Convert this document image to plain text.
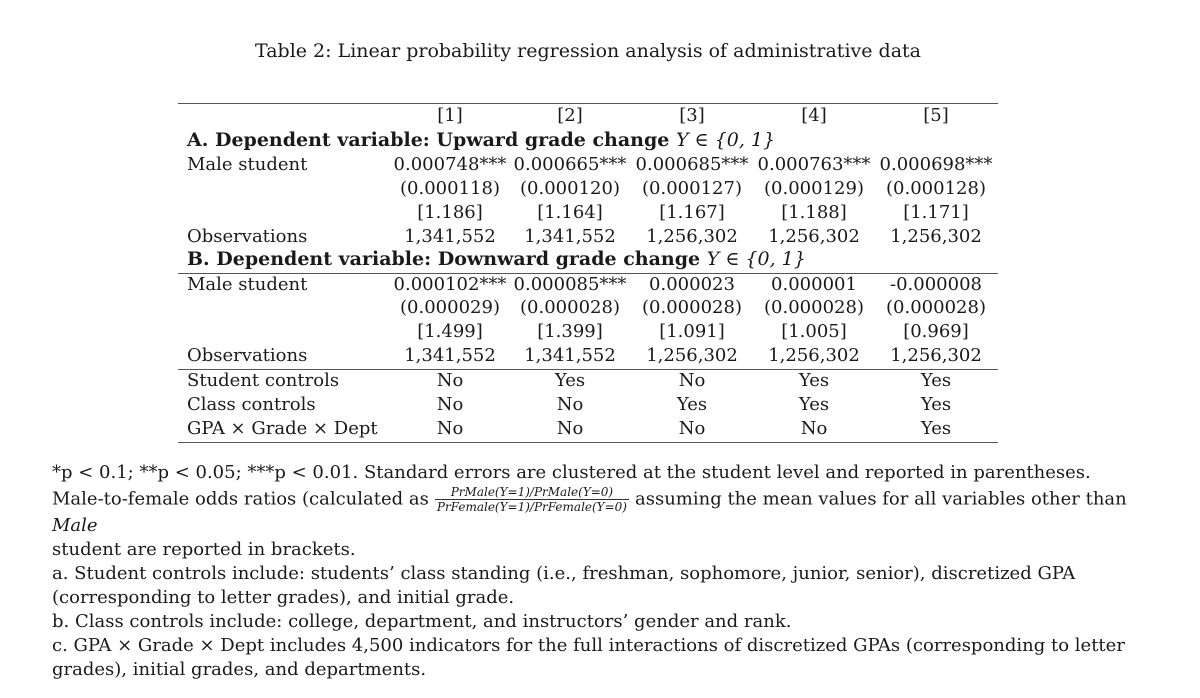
Table 2: Linear probability regression analysis of administrative data
[1]	[2]	[3]	[4]	[5]
A. Dependent variable: Upward grade change Y ∈ {0, 1}
Male student	0.000748*** 0.000665*** 0.000685*** 0.000763*** 0.000698***
(0.000118)	(0.000120)	(0.000127)	(0.000129)	(0.000128)
[1.186]	[1.164]	[1.167]	[1.188]	[1.171]
Observations	1,341,552	1,341,552	1,256,302	1,256,302	1,256,302
B. Dependent variable: Downward grade change Y ∈ {0, 1}
Male student	0.000102*** 0.000085***	0.000023	0.000001	-0.000008
(0.000029)	(0.000028)	(0.000028)	(0.000028)	(0.000028)
[1.499]	[1.399]	[1.091]	[1.005]	[0.969]
Observations	1,341,552	1,341,552	1,256,302	1,256,302	1,256,302
Student controls	No	Yes	No	Yes	Yes
Class controls	No	No	Yes	Yes	Yes
GPA × Grade × Dept	No	No	No	No	Yes

*p < 0.1; **p < 0.05; ***p < 0.01. Standard errors are clustered at the student level and reported in parentheses.

Male-to-female odds ratios (calculated as $\frac{\text{PrMale(Y=1)/PrMale(Y=0)}}{\text{PrFemale(Y=1)/PrFemale(Y=0)}}$ assuming the mean values for all variables other than Male
student are reported in brackets.

a. Student controls include: students’ class standing (i.e., freshman, sophomore, junior, senior), discretized GPA (corresponding to letter grades), and initial grade.

b. Class controls include: college, department, and instructors’ gender and rank.

c. GPA × Grade × Dept includes 4,500 indicators for the full interactions of discretized GPAs (corresponding to letter grades), initial grades, and departments.
